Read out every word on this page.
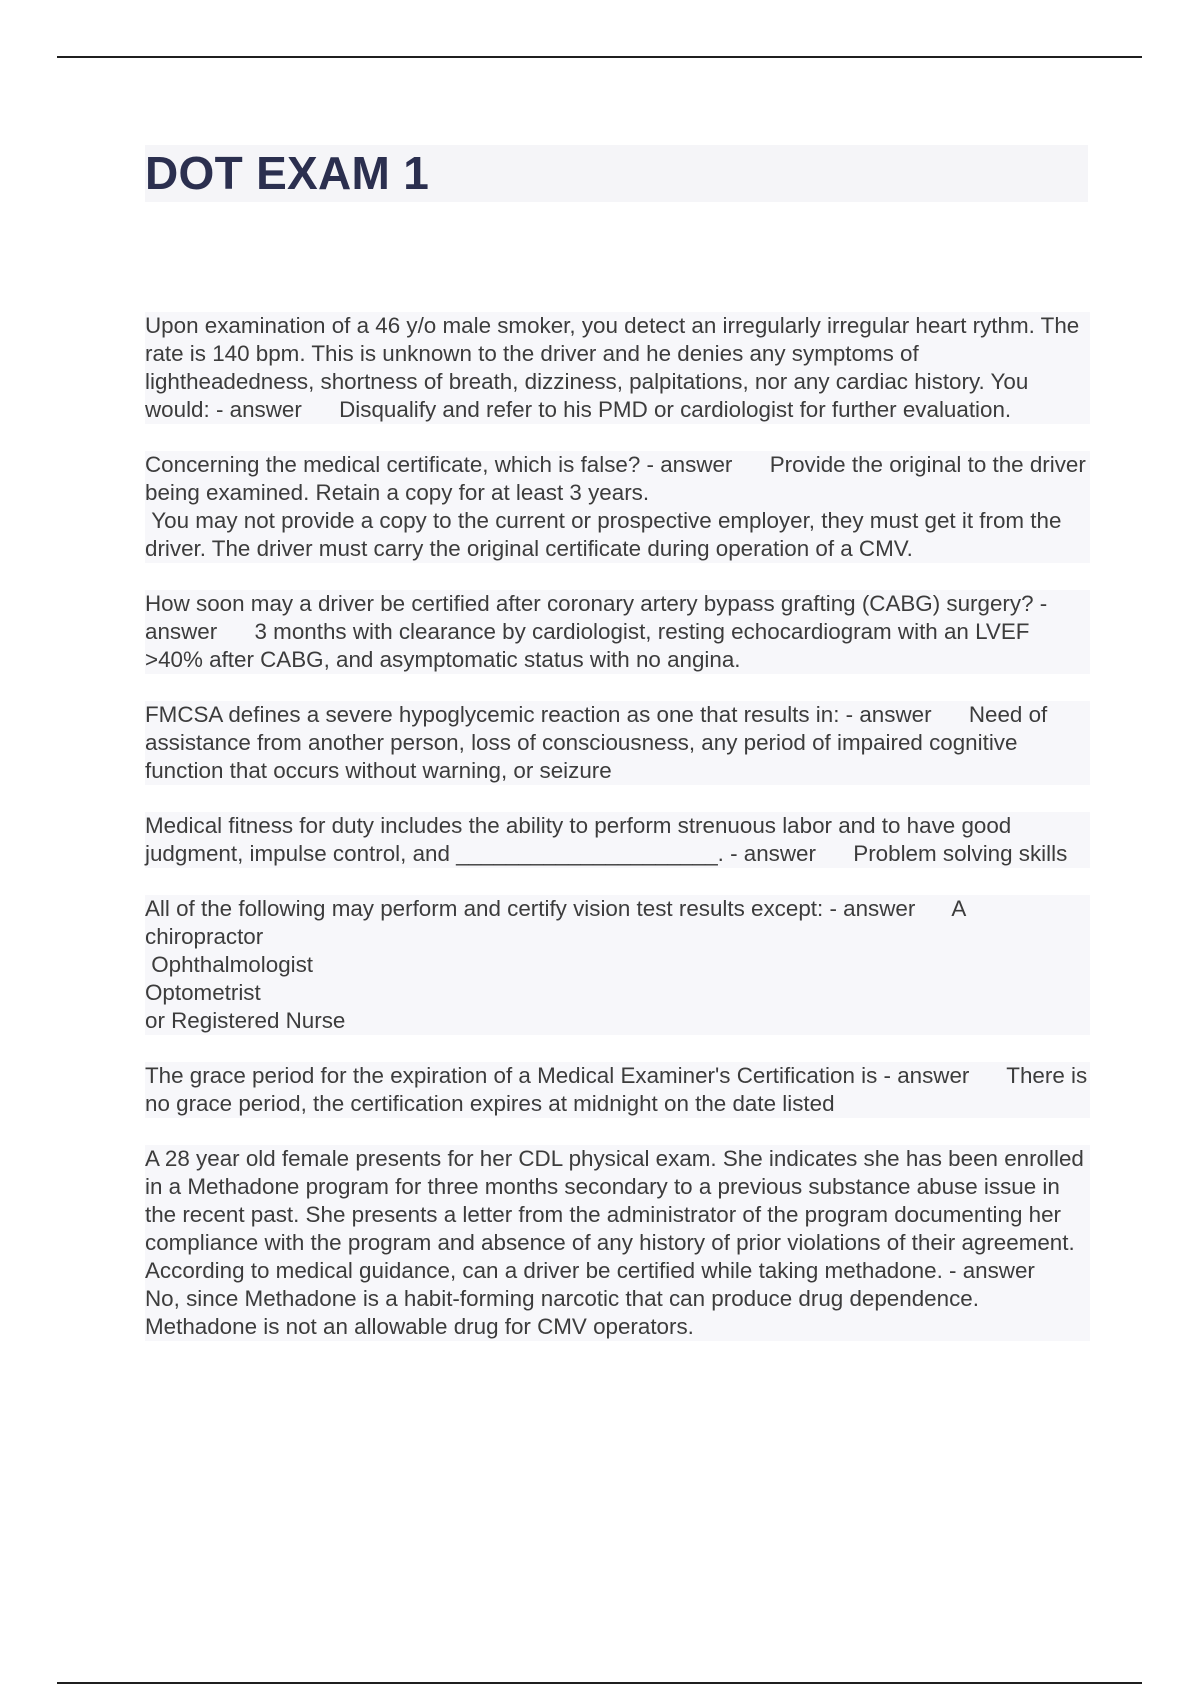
DOT EXAM 1

Upon examination of a 46 y/o male smoker, you detect an irregularly irregular heart rythm. The rate is 140 bpm. This is unknown to the driver and he denies any symptoms of lightheadedness, shortness of breath, dizziness, palpitations, nor any cardiac history. You would: - answer      Disqualify and refer to his PMD or cardiologist for further evaluation.

Concerning the medical certificate, which is false? - answer      Provide the original to the driver being examined. Retain a copy for at least 3 years.
You may not provide a copy to the current or prospective employer, they must get it from the driver. The driver must carry the original certificate during operation of a CMV.

How soon may a driver be certified after coronary artery bypass grafting (CABG) surgery? - answer      3 months with clearance by cardiologist, resting echocardiogram with an LVEF >40% after CABG, and asymptomatic status with no angina.

FMCSA defines a severe hypoglycemic reaction as one that results in: - answer      Need of assistance from another person, loss of consciousness, any period of impaired cognitive function that occurs without warning, or seizure

Medical fitness for duty includes the ability to perform strenuous labor and to have good judgment, impulse control, and _____________________. - answer      Problem solving skills

All of the following may perform and certify vision test results except: - answer      A chiropractor
Ophthalmologist
Optometrist
or Registered Nurse

The grace period for the expiration of a Medical Examiner's Certification is - answer      There is no grace period, the certification expires at midnight on the date listed

A 28 year old female presents for her CDL physical exam. She indicates she has been enrolled in a Methadone program for three months secondary to a previous substance abuse issue in the recent past. She presents a letter from the administrator of the program documenting her compliance with the program and absence of any history of prior violations of their agreement. According to medical guidance, can a driver be certified while taking methadone. - answer      No, since Methadone is a habit-forming narcotic that can produce drug dependence. Methadone is not an allowable drug for CMV operators.
